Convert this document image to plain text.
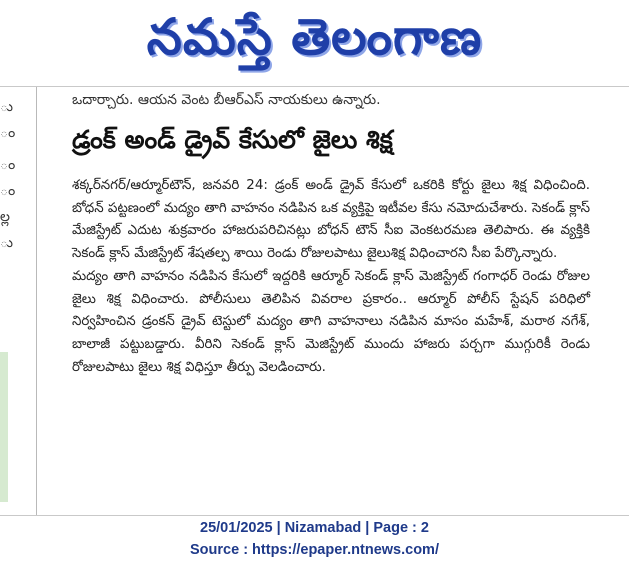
నమస్తే తెలంగాణ
ు
ం
ం
ం
ల్ల
ు
ఒదార్చారు. ఆయన వెంట బీఆర్‌ఎస్ నాయకులు ఉన్నారు.
డ్రంక్ అండ్ డ్రైవ్ కేసులో జైలు శిక్ష

శక్కర్‌నగర్/ఆర్మూర్‌టౌన్, జనవరి 24: డ్రంక్ అండ్ డ్రైవ్ కేసులో ఒకరికి కోర్టు జైలు శిక్ష విధించింది. బోధన్ పట్టణంలో మద్యం తాగి వాహనం నడిపిన ఒక వ్యక్తిపై ఇటీవల కేసు నమోదుచేశారు. సెకండ్ క్లాస్ మేజిస్ట్రేట్ ఎదుట శుక్రవారం హాజరుపరిచినట్లు బోధన్ టౌన్ సీఐ వెంకటరమణ తెలిపారు. ఈ వ్యక్తికి సెకండ్ క్లాస్ మేజిస్ట్రేట్ శేషతల్ప శాయి రెండు రోజులపాటు జైలుశిక్ష విధించారని సీఐ పేర్కొన్నారు.

మద్యం తాగి వాహనం నడిపిన కేసులో ఇద్దరికి ఆర్మూర్ సెకండ్ క్లాస్ మెజిస్ట్రేట్ గంగాధర్ రెండు రోజుల జైలు శిక్ష విధించారు. పోలీసులు తెలిపిన వివరాల ప్రకారం.. ఆర్మూర్ పోలీస్ స్టేషన్ పరిధిలో నిర్వహించిన డ్రంకన్ డ్రైవ్ టెస్టులో మద్యం తాగి వాహనాలు నడిపిన మాసం మహేశ్, మరాఠ నగేశ్, బాలాజీ పట్టుబడ్డారు. వీరిని సెకండ్ క్లాస్ మెజిస్ట్రేట్ ముందు హాజరు పర్చగా ముగ్గురికీ రెండు రోజులపాటు జైలు శిక్ష విధిస్తూ తీర్పు వెలడించారు.

25/01/2025 | Nizamabad | Page : 2
Source : https://epaper.ntnews.com/
